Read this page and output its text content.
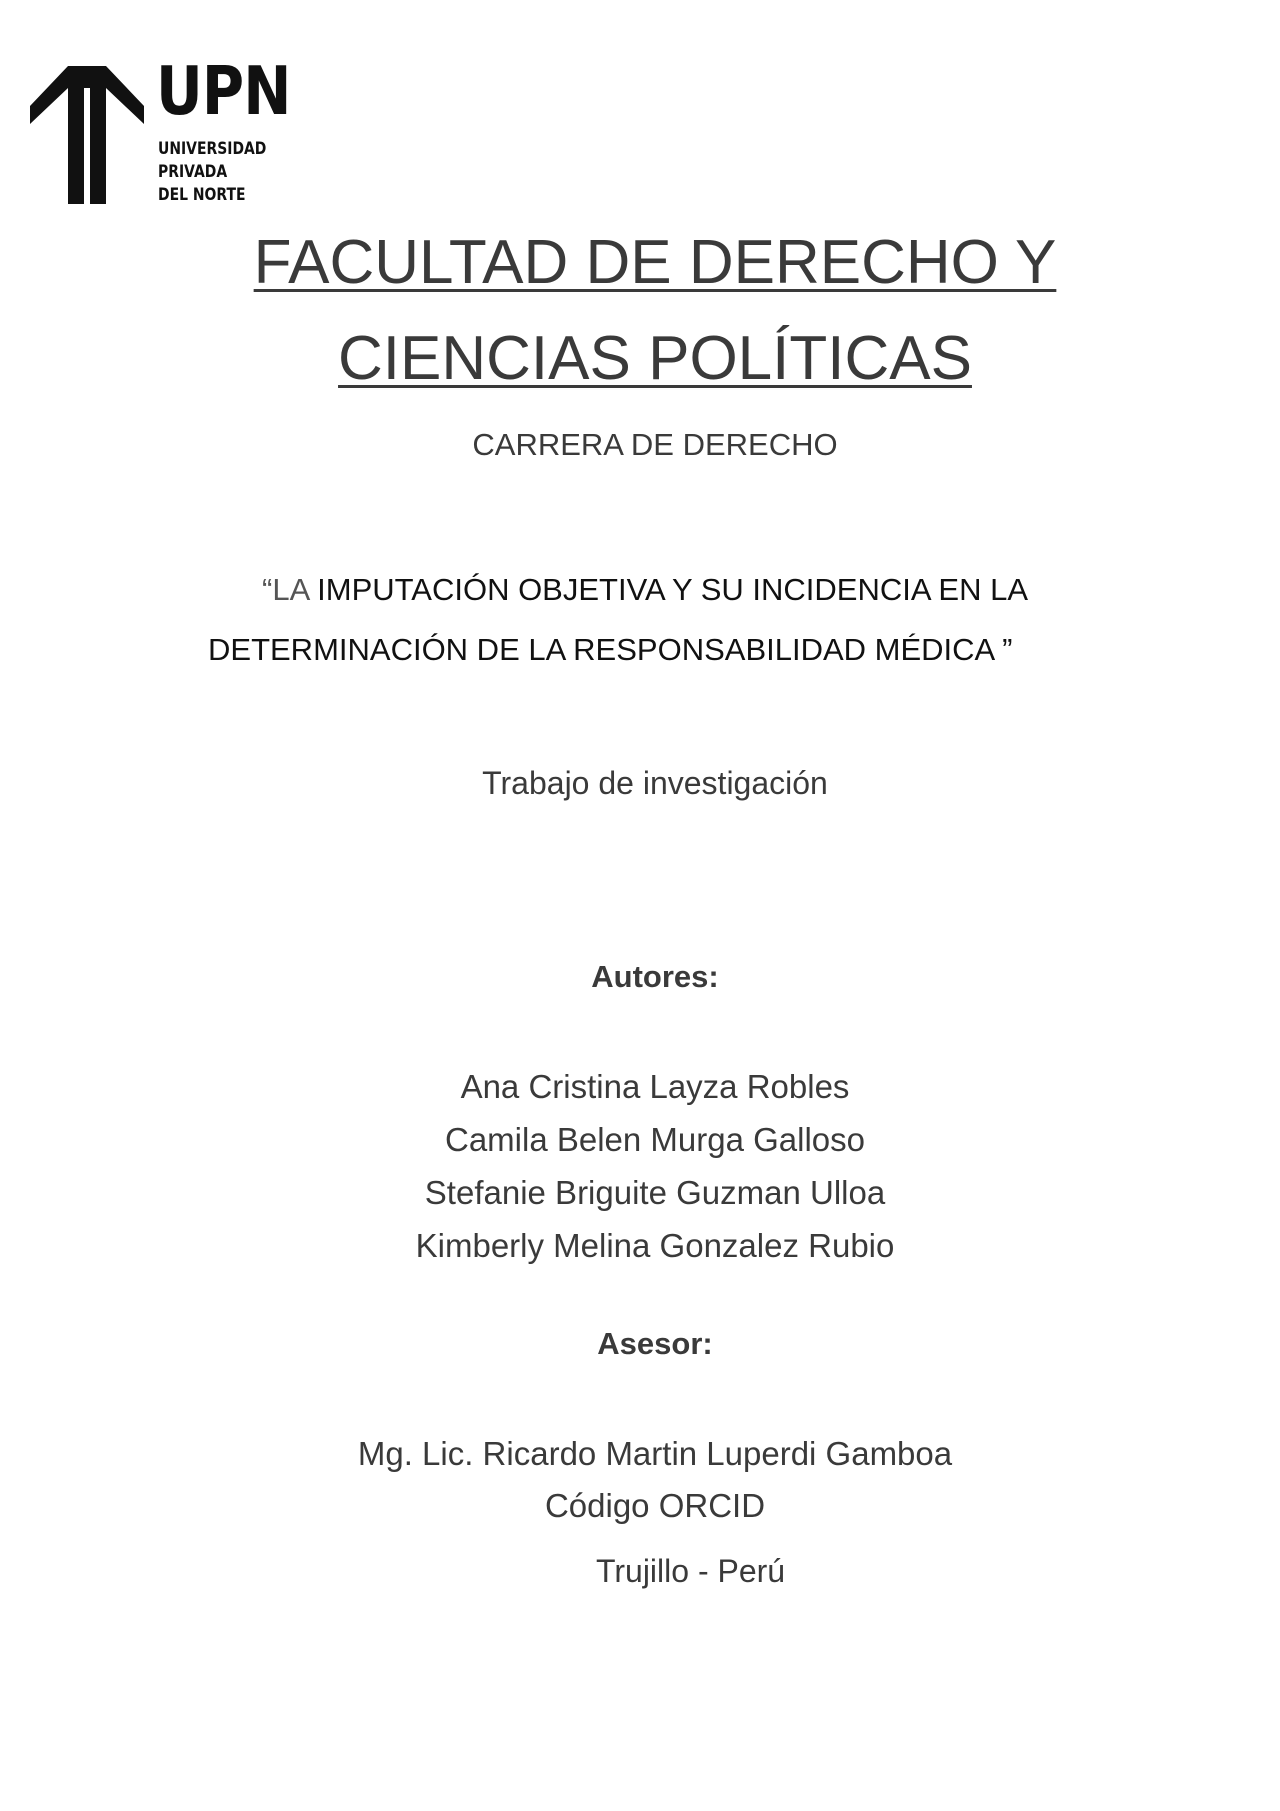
UPN
UNIVERSIDAD
PRIVADA
DEL NORTE
FACULTAD DE DERECHO Y
CIENCIAS POLÍTICAS
CARRERA DE DERECHO
“LA IMPUTACIÓN OBJETIVA Y SU INCIDENCIA EN LA
DETERMINACIÓN DE LA RESPONSABILIDAD MÉDICA ”
Trabajo de investigación
Autores:
Ana Cristina Layza Robles
Camila Belen Murga Galloso
Stefanie Briguite Guzman Ulloa
Kimberly Melina Gonzalez Rubio
Asesor:
Mg. Lic. Ricardo Martin Luperdi Gamboa
Código ORCID
Trujillo - Perú
